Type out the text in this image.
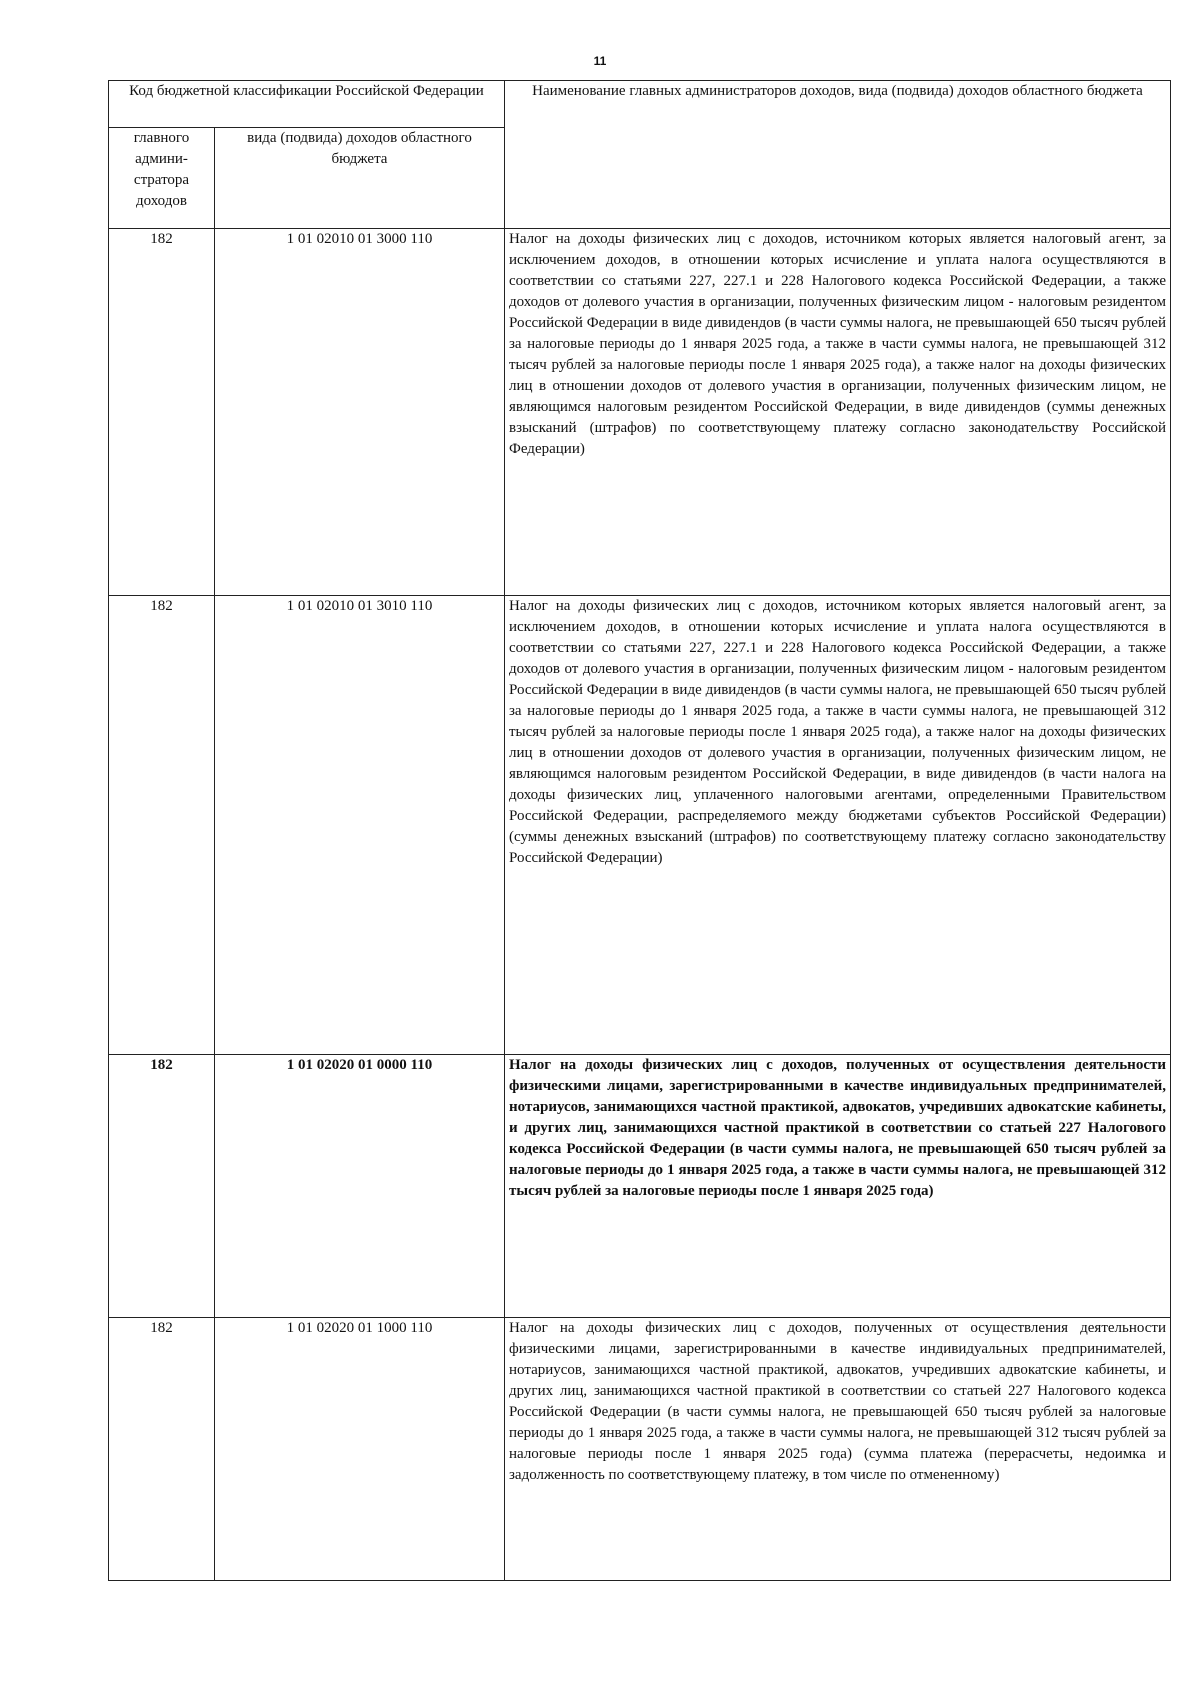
11
Код бюджетной классификации Российской Федерации		Наименование главных администраторов доходов, вида (подвида) доходов областного бюджета
главного админи-стратора доходов	вида (подвида) доходов областного бюджета	
182	1 01 02010 01 3000 110	Налог на доходы физических лиц с доходов, источником которых является налоговый агент, за исключением доходов, в отношении которых исчисление и уплата налога осуществляются в соответствии со статьями 227, 227.1 и 228 Налогового кодекса Российской Федерации, а также доходов от долевого участия в организации, полученных физическим лицом - налоговым резидентом Российской Федерации в виде дивидендов (в части суммы налога, не превышающей 650 тысяч рублей за налоговые периоды до 1 января 2025 года, а также в части суммы налога, не превышающей 312 тысяч рублей за налоговые периоды после 1 января 2025 года), а также налог на доходы физических лиц в отношении доходов от долевого участия в организации, полученных физическим лицом, не являющимся налоговым резидентом Российской Федерации, в виде дивидендов (суммы денежных взысканий (штрафов) по соответствующему платежу согласно законодательству Российской Федерации)
182	1 01 02010 01 3010 110	Налог на доходы физических лиц с доходов, источником которых является налоговый агент, за исключением доходов, в отношении которых исчисление и уплата налога осуществляются в соответствии со статьями 227, 227.1 и 228 Налогового кодекса Российской Федерации, а также доходов от долевого участия в организации, полученных физическим лицом - налоговым резидентом Российской Федерации в виде дивидендов (в части суммы налога, не превышающей 650 тысяч рублей за налоговые периоды до 1 января 2025 года, а также в части суммы налога, не превышающей 312 тысяч рублей за налоговые периоды после 1 января 2025 года), а также налог на доходы физических лиц в отношении доходов от долевого участия в организации, полученных физическим лицом, не являющимся налоговым резидентом Российской Федерации, в виде дивидендов (в части налога на доходы физических лиц, уплаченного налоговыми агентами, определенными Правительством Российской Федерации, распределяемого между бюджетами субъектов Российской Федерации) (суммы денежных взысканий (штрафов) по соответствующему платежу согласно законодательству Российской Федерации)
182	1 01 02020 01 0000 110	Налог на доходы физических лиц с доходов, полученных от осуществления деятельности физическими лицами, зарегистрированными в качестве индивидуальных предпринимателей, нотариусов, занимающихся частной практикой, адвокатов, учредивших адвокатские кабинеты, и других лиц, занимающихся частной практикой в соответствии со статьей 227 Налогового кодекса Российской Федерации (в части суммы налога, не превышающей 650 тысяч рублей за налоговые периоды до 1 января 2025 года, а также в части суммы налога, не превышающей 312 тысяч рублей за налоговые периоды после 1 января 2025 года)
182	1 01 02020 01 1000 110	Налог на доходы физических лиц с доходов, полученных от осуществления деятельности физическими лицами, зарегистрированными в качестве индивидуальных предпринимателей, нотариусов, занимающихся частной практикой, адвокатов, учредивших адвокатские кабинеты, и других лиц, занимающихся частной практикой в соответствии со статьей 227 Налогового кодекса Российской Федерации (в части суммы налога, не превышающей 650 тысяч рублей за налоговые периоды до 1 января 2025 года, а также в части суммы налога, не превышающей 312 тысяч рублей за налоговые периоды после 1 января 2025 года) (сумма платежа (перерасчеты, недоимка и задолженность по соответствующему платежу, в том числе по отмененному)
